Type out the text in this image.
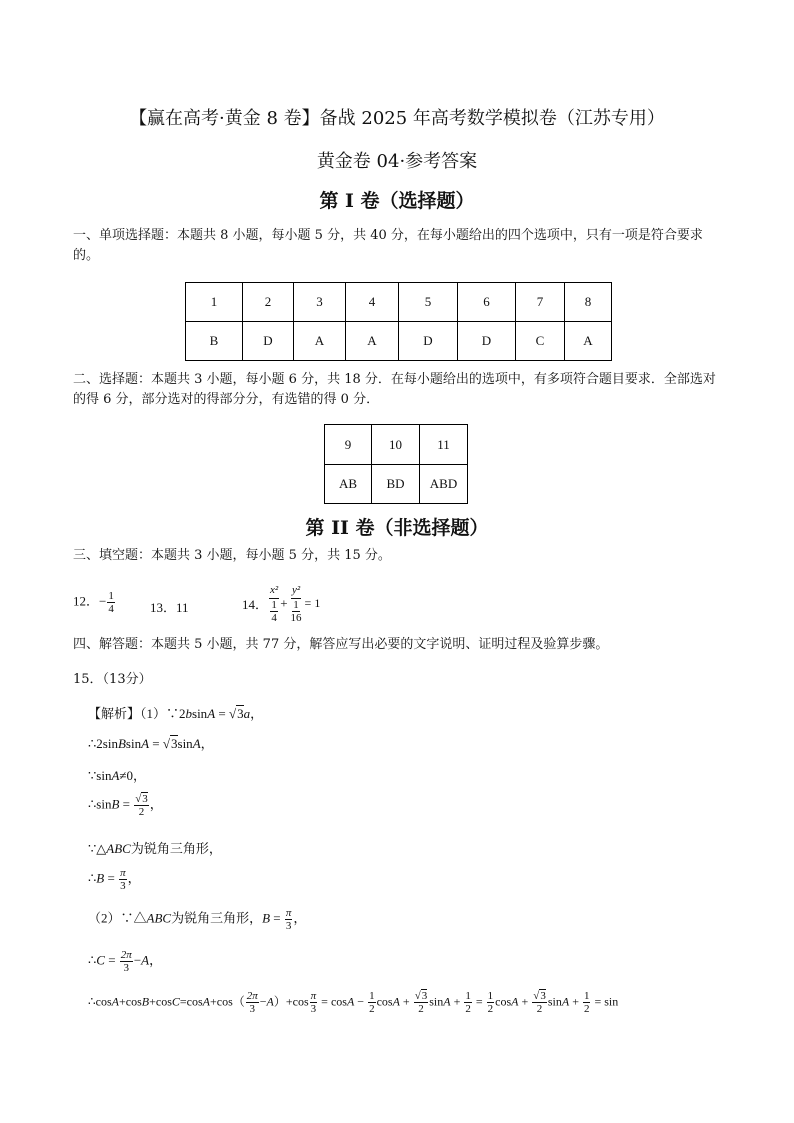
【赢在高考·黄金 8 卷】备战 2025 年高考数学模拟卷（江苏专用）
黄金卷 04·参考答案
第 I 卷（选择题）
一、单项选择题：本题共 8 小题，每小题 5 分，共 40 分，在每小题给出的四个选项中，只有一项是符合要求的。
1	2	3	4	5	6	7	8
B	D	A	A	D	D	C	A
二、选择题：本题共 3 小题，每小题 6 分，共 18 分．在每小题给出的选项中，有多项符合题目要求．全部选对的得 6 分，部分选对的得部分分，有选错的得 0 分．
9	10	11
AB	BD	ABD
第 II 卷（非选择题）
三、填空题：本题共 3 小题，每小题 5 分，共 15 分。
12．− $\frac{1}{4}$	13．11	14． $\frac{\text{x²}}{\frac{1}{4}} + \frac{\text{y²}}{\frac{1}{16}} = 1$
四、解答题：本题共 5 小题，共 77 分，解答应写出必要的文字说明、证明过程及验算步骤。
15．（13分）
【解析】（1）∵2bsinA = √3a，
∴2sinBsinA = √3sinA，
∵sinA≠0，
∴sinB = $\frac{√3}{2}$ ，
∵△ABC为锐角三角形，
∴B = $\frac{\pi}{3}$ ，
（2）∵△ABC为锐角三角形，$B = \frac{\pi}{3}$ ，
∴C = $\frac{2\pi}{3} -A$，
∴cosA+cosB+cosC=cosA+cos（ $\frac{2\pi}{3} -A)+\cos \frac{\pi}{3} = \cos A - \frac{1}{2}$ $\cos A + \frac{√3}{2}$ $\sin A + \frac{1}{2} = \frac{1}{2}$ $\cos A + \frac{√3}{2}$ $\sin A + \frac{1}{2} = \sin$
